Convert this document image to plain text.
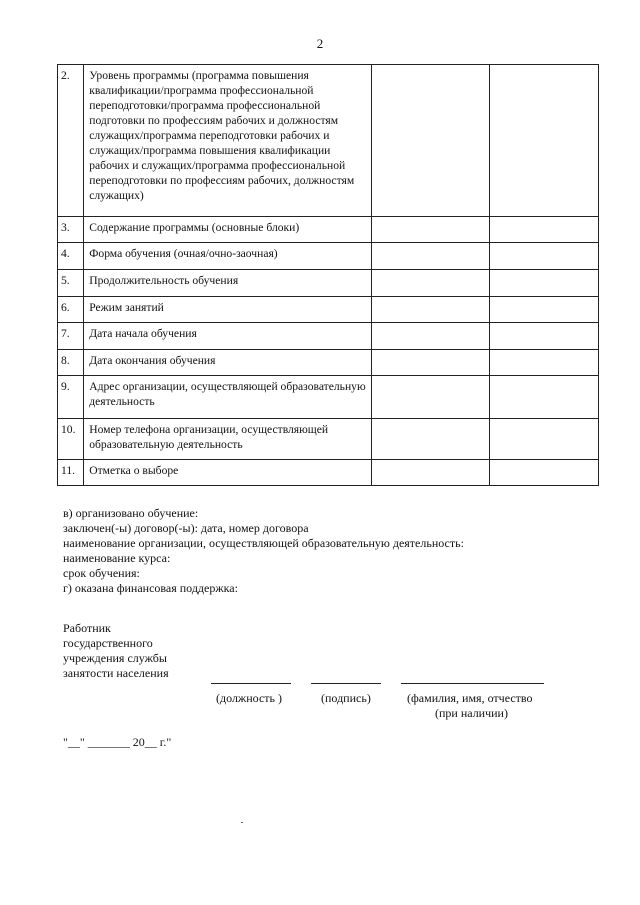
2
2.	Уровень программы (программа повышения квалификации/программа профессиональной переподготовки/программа профессиональной подготовки по профессиям рабочих и должностям служащих/программа переподготовки рабочих и служащих/программа повышения квалификации рабочих и служащих/программа профессиональной переподготовки по профессиям рабочих, должностям служащих)		
3.	Содержание программы (основные блоки)		
4.	Форма обучения (очная/очно-заочная)		
5.	Продолжительность обучения		
6.	Режим занятий		
7.	Дата начала обучения		
8.	Дата окончания обучения		
9.	Адрес организации, осуществляющей образовательную деятельность		
10.	Номер телефона организации, осуществляющей образовательную деятельность		
11.	Отметка о выборе		
в) организовано обучение:
заключен(-ы) договор(-ы): дата, номер договора
наименование организации, осуществляющей образовательную деятельность:
наименование курса:
срок обучения:
г) оказана финансовая поддержка:
Работник
государственного
учреждения службы
занятости населения
(должность )	(подпись)	(фамилия, имя, отчество
(при наличии)
"__" _______ 20__ г."
